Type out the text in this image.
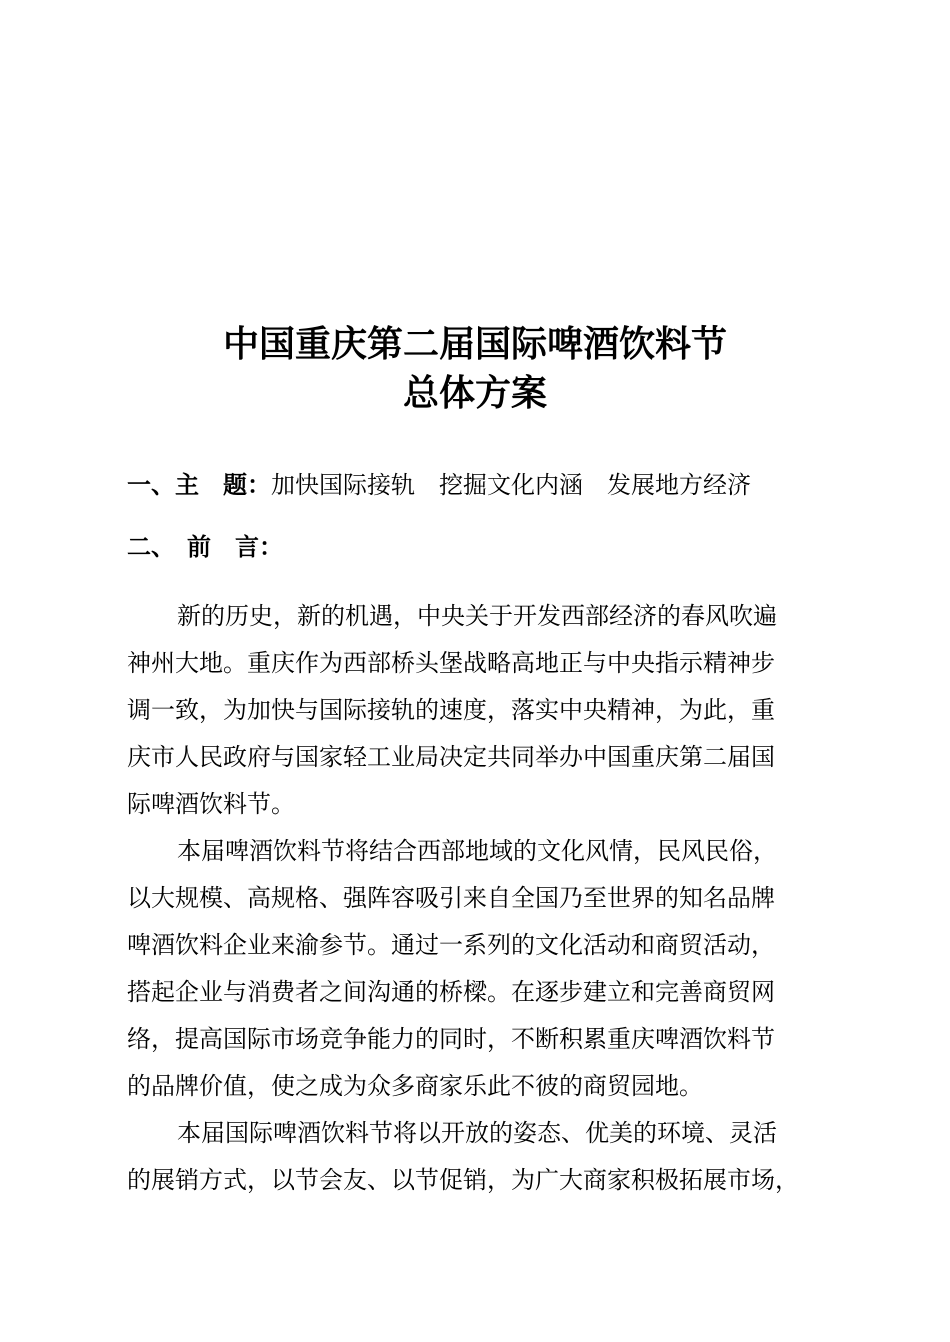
中国重庆第二届国际啤酒饮料节
总体方案
一、主　题：加快国际接轨　挖掘文化内涵　发展地方经济
二、　前　言：
新的历史，新的机遇，中央关于开发西部经济的春风吹遍
神州大地。重庆作为西部桥头堡战略高地正与中央指示精神步
调一致，为加快与国际接轨的速度，落实中央精神，为此，重
庆市人民政府与国家轻工业局决定共同举办中国重庆第二届国
际啤酒饮料节。
本届啤酒饮料节将结合西部地域的文化风情，民风民俗，
以大规模、高规格、强阵容吸引来自全国乃至世界的知名品牌
啤酒饮料企业来渝参节。通过一系列的文化活动和商贸活动，
搭起企业与消费者之间沟通的桥樑。在逐步建立和完善商贸网
络，提高国际市场竞争能力的同时，不断积累重庆啤酒饮料节
的品牌价值，使之成为众多商家乐此不彼的商贸园地。
本届国际啤酒饮料节将以开放的姿态、优美的环境、灵活
的展销方式，以节会友、以节促销，为广大商家积极拓展市场，
